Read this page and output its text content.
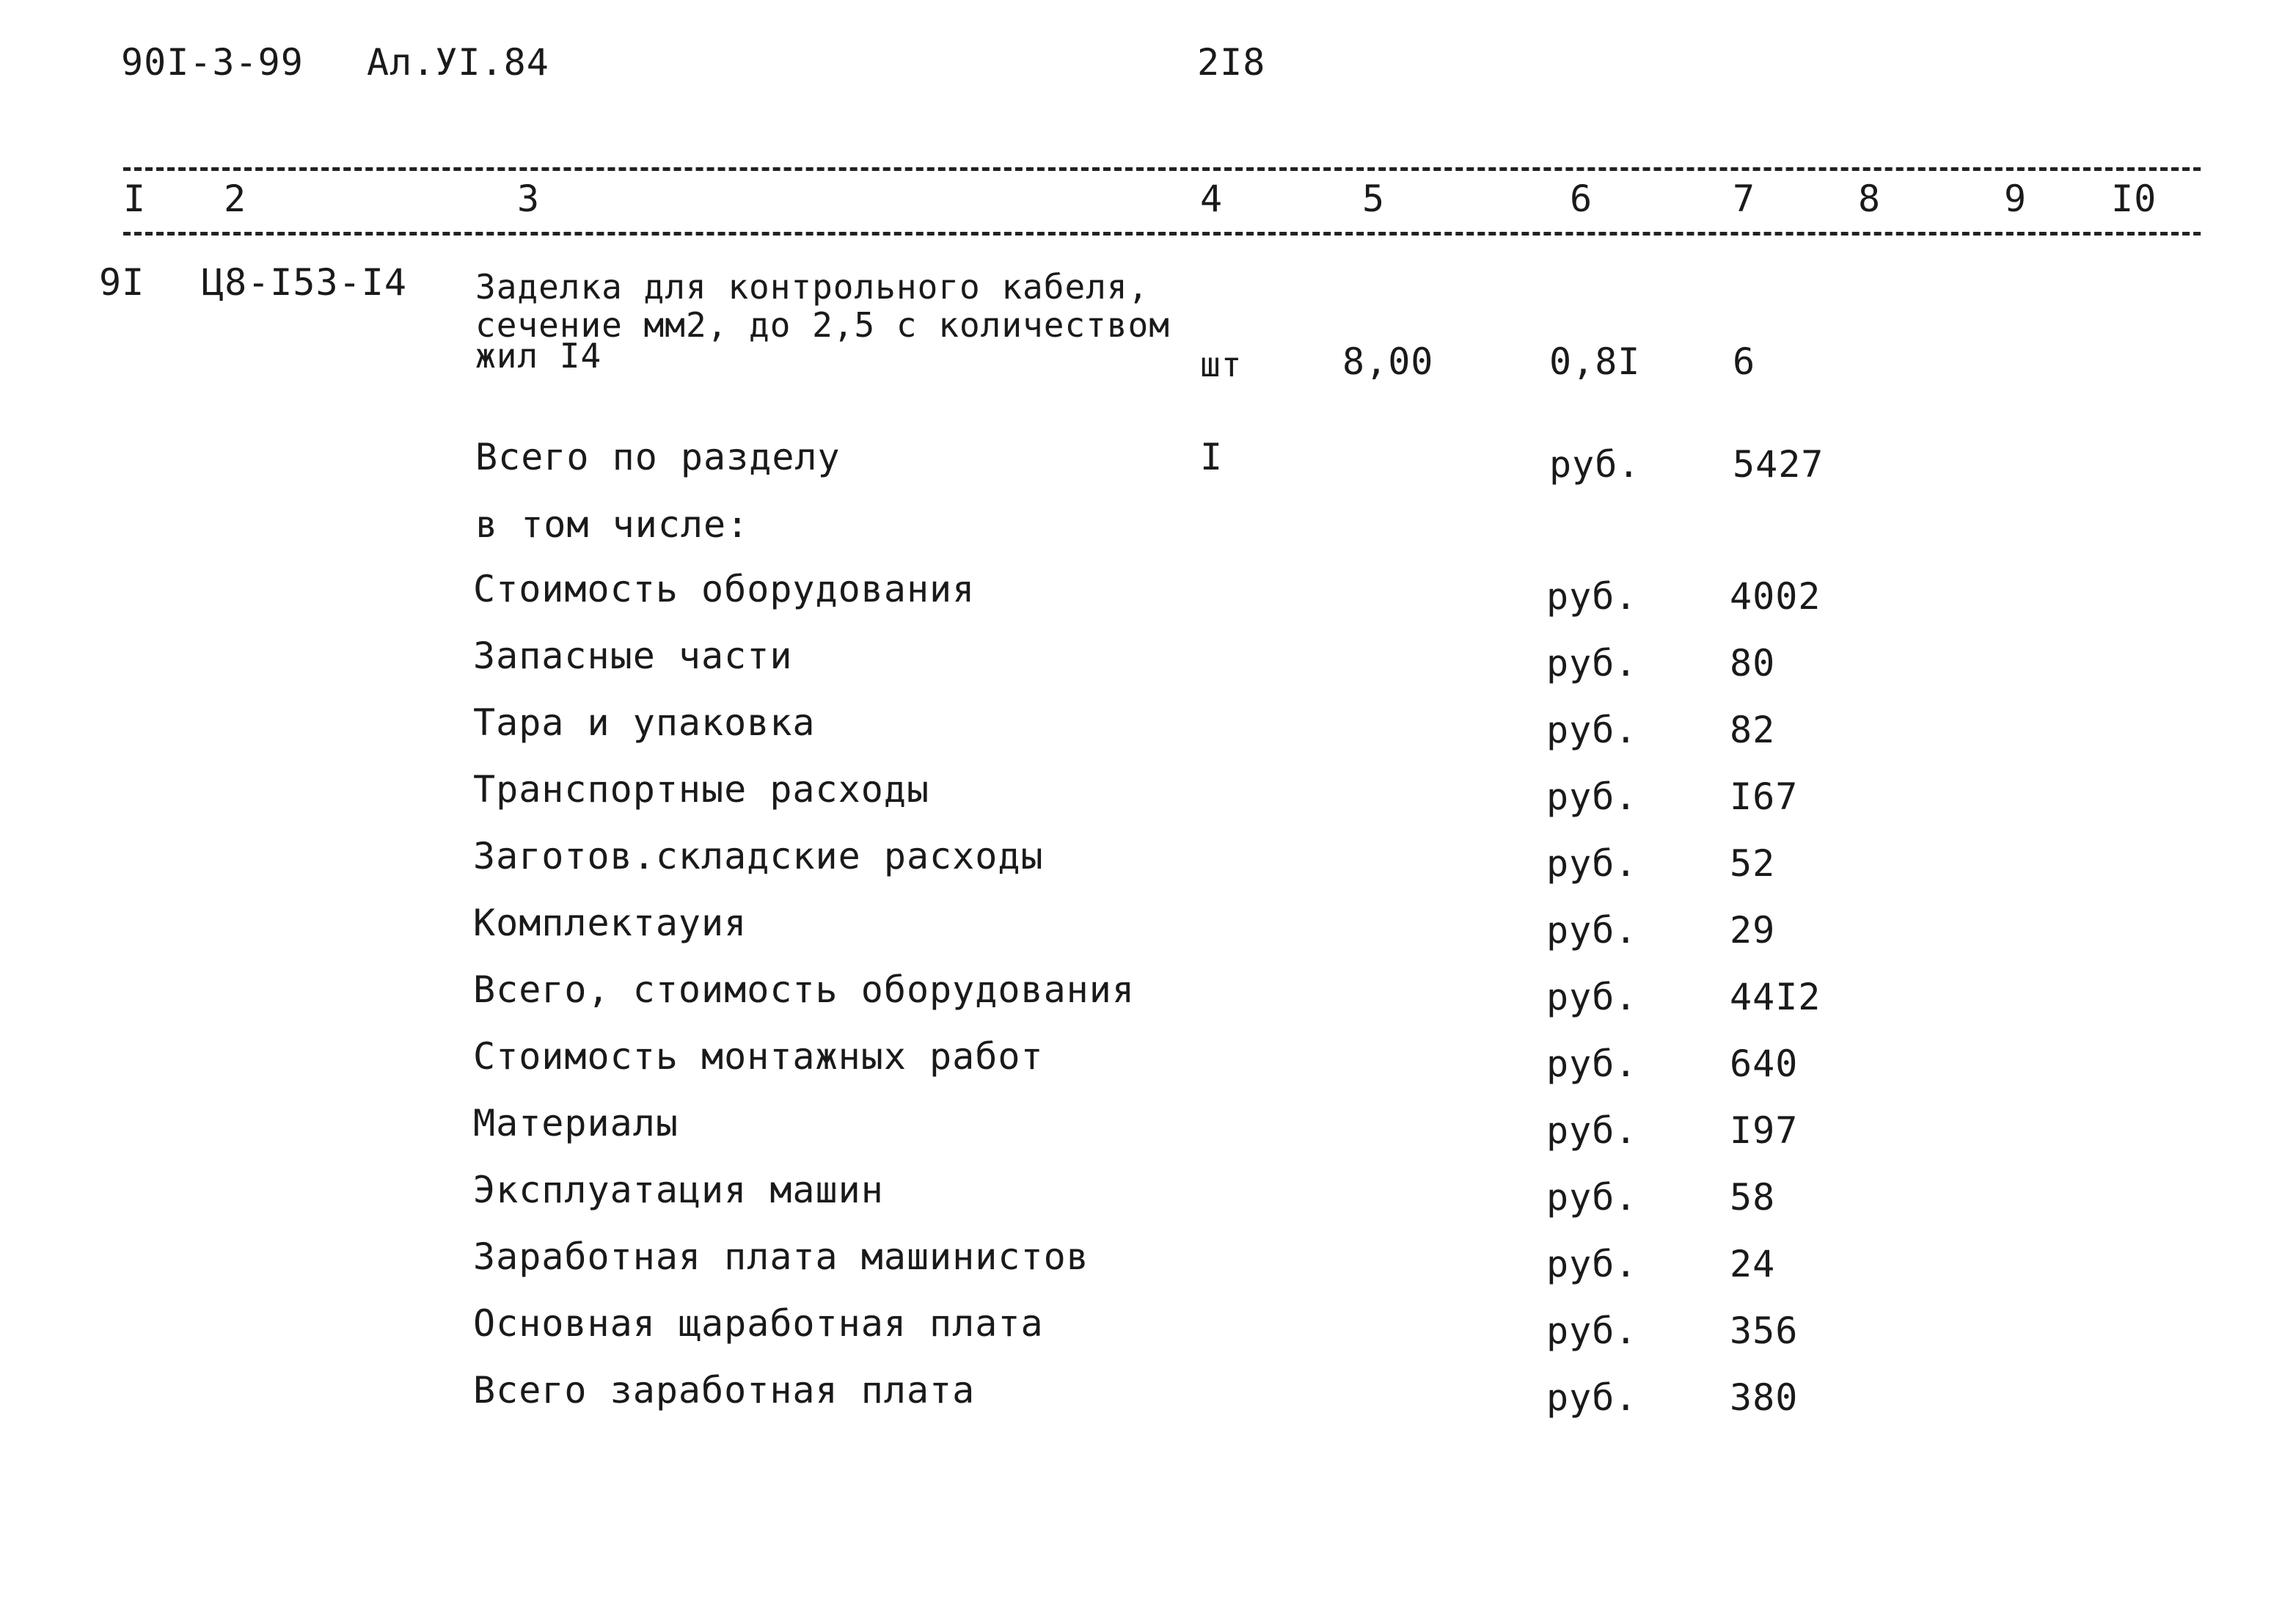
90I-3-99 Ал.УI.84	2I8
I 2	3	4	5	6	7	8	9 I0
9I Ц8-I53-I4 Заделка для контрольного кабеля,
сечение мм2, до 2,5 с количеством
жил I4	шт	8,00	0,8I	6
Всего по разделу	I	руб.	5427
в том числе:
Стоимость оборудования	руб.	4002
Запасные части	руб.	80
Тара и упаковка	руб.	82
Транспортные расходы	руб.	I67
Заготов.складские расходы	руб.	52
Комплектауия	руб.	29
Всего, стоимость оборудования	руб.	44I2
Стоимость монтажных работ	руб.	640
Материалы	руб.	I97
Эксплуатация машин	руб.	58
Заработная плата машинистов	руб.	24
Основная щаработная плата	руб.	356
Всего заработная плата	руб.	380
